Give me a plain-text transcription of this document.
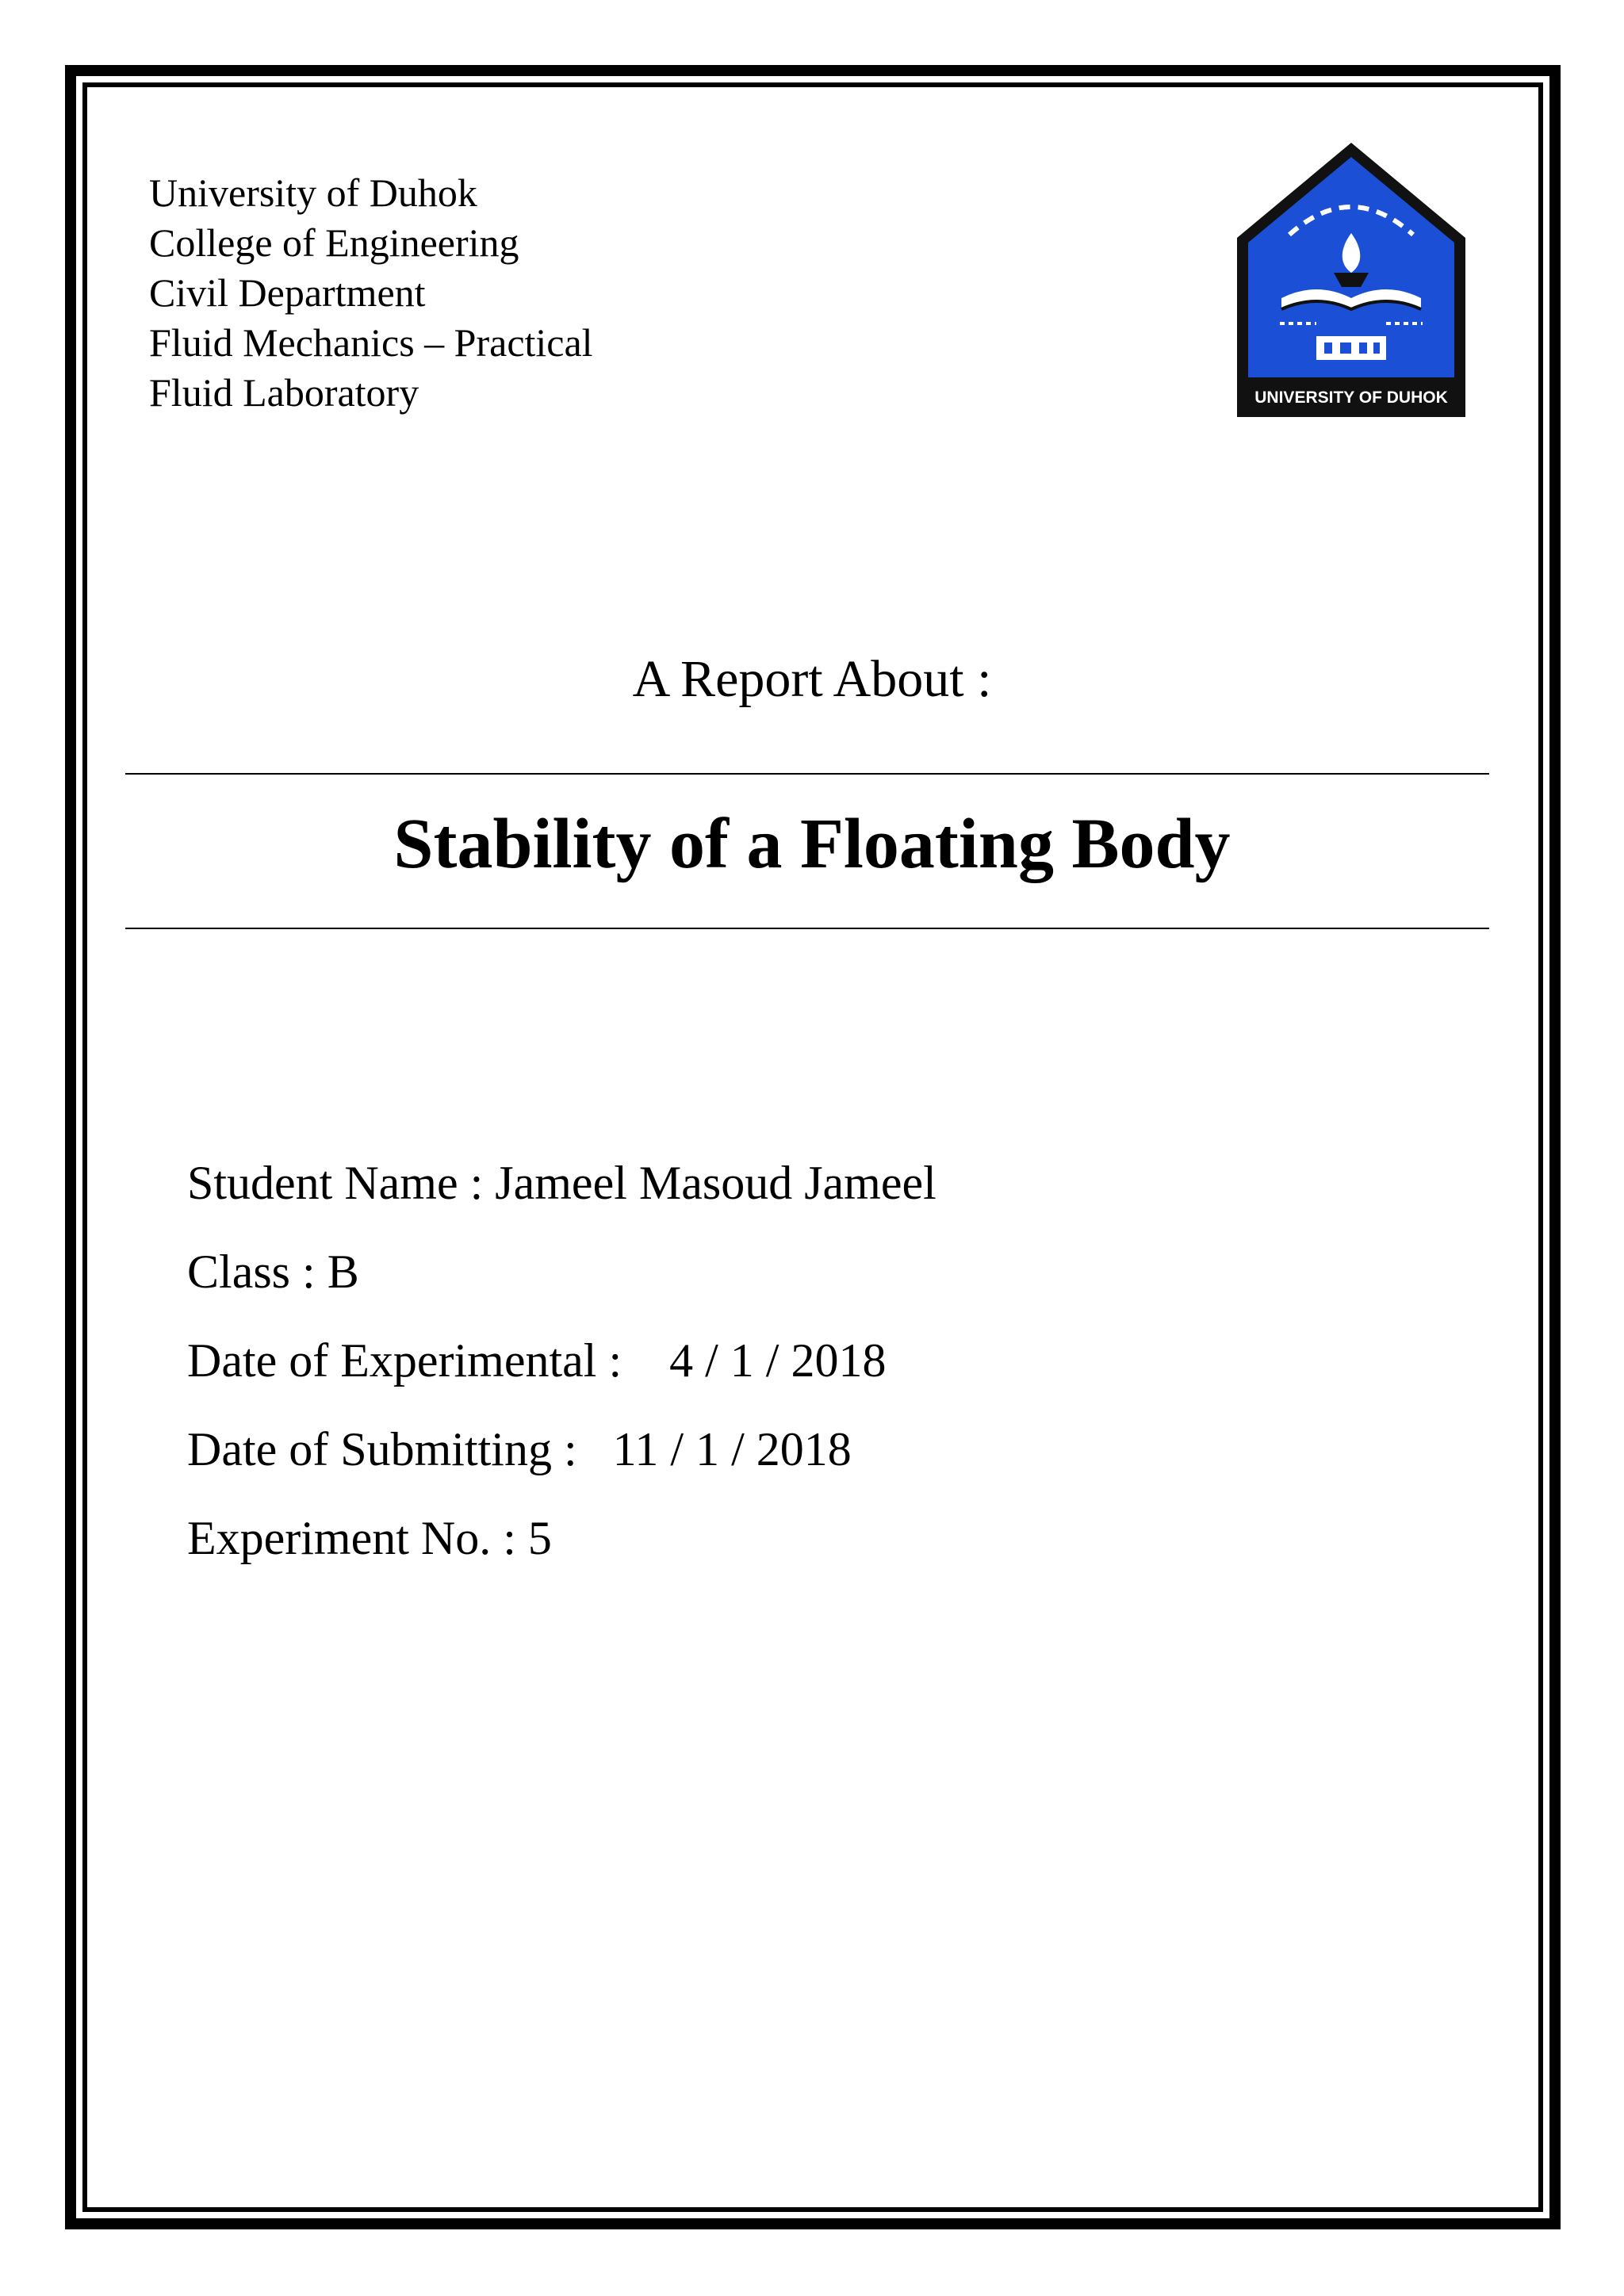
University of Duhok
College of Engineering
Civil Department
Fluid Mechanics – Practical
Fluid Laboratory	UNIVERSITY OF DUHOK
A Report About :
Stability of a Floating Body
Student Name : Jameel Masoud Jameel
Class : B
Date of Experimental :    4 / 1 / 2018
Date of Submitting :   11 / 1 / 2018
Experiment No. : 5
